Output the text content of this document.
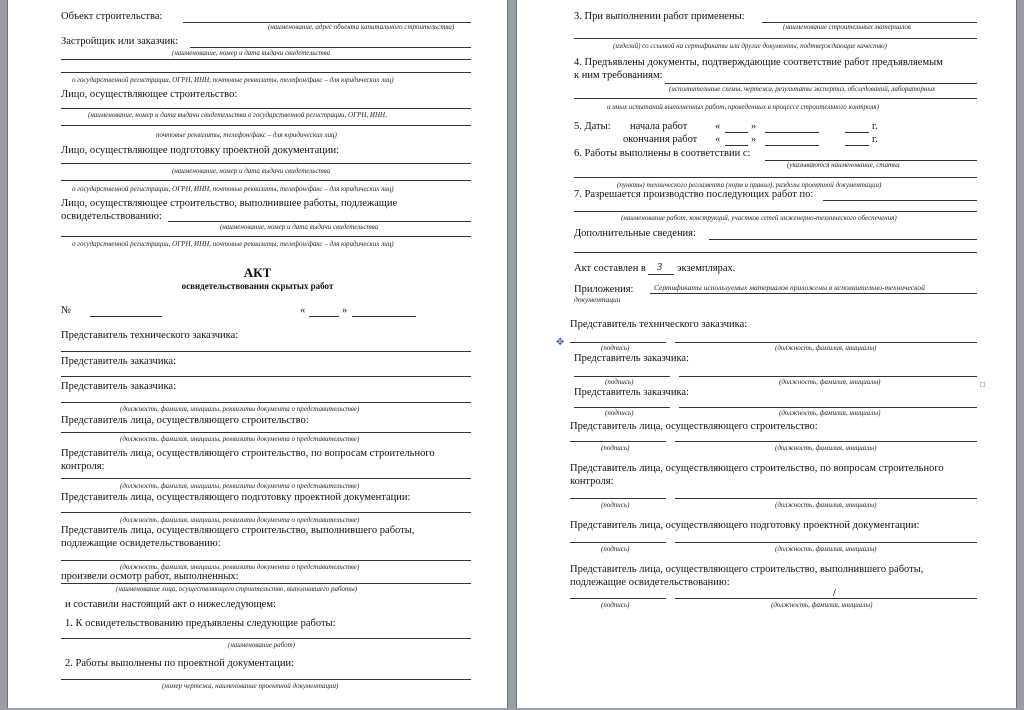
Объект строительства:
(наименование, адрес объекта капитального строительства)
Застройщик или заказчик:
(наименование, номер и дата выдачи свидетельства
о государственной регистрации, ОГРН, ИНН, почтовые реквизиты, телефон/факс – для юридических лиц)
Лицо, осуществляющее строительство:
(наименование, номер и дата выдачи свидетельства о государственной регистрации, ОГРН, ИНН,
почтовые реквизиты, телефон/факс – для юридических лиц)
Лицо, осуществляющее подготовку проектной документации:
(наименование, номер и дата выдачи свидетельства
о государственной регистрации, ОГРН, ИНН, почтовые реквизиты, телефон/факс – для юридических лиц)
Лицо, осуществляющее строительство, выполнившее работы, подлежащие
освидетельствованию:
(наименование, номер и дата выдачи свидетельства
о государственной регистрации, ОГРН, ИНН, почтовые реквизиты, телефон/факс – для юридических лиц)
АКТ
освидетельствования скрытых работ
№	«	»
Представитель технического заказчика:
Представитель заказчика:
Представитель заказчика:
(должность, фамилия, инициалы, реквизиты документа о представительстве)
Представитель лица, осуществляющего строительство:
(должность, фамилия, инициалы, реквизиты документа о представительстве)
Представитель лица, осуществляющего строительство, по вопросам строительного
контроля:
(должность, фамилия, инициалы, реквизиты документа о представительстве)
Представитель лица, осуществляющего подготовку проектной документации:
(должность, фамилия, инициалы, реквизиты документа о представительстве)
Представитель лица, осуществляющего строительство, выполнившего работы,
подлежащие освидетельствованию:
(должность, фамилия, инициалы, реквизиты документа о представительстве)
произвели осмотр работ, выполненных:
(наименование лица, осуществляющего строительство, выполнившего работы)
и составили настоящий акт о нижеследующем:
1. К освидетельствованию предъявлены следующие работы:
(наименование работ)
2. Работы выполнены по проектной документации:
(номер чертежа, наименование проектной документации)
3. При выполнении работ применены:
(наименование строительных материалов
(изделий) со ссылкой на сертификаты или другие документы, подтверждающие качество)
4. Предъявлены документы, подтверждающие соответствие работ предъявляемым
к ним требованиям:
(исполнительные схемы, чертежи, результаты экспертиз, обследований, лабораторных
и иных испытаний выполненных работ, проведенных в процессе строительного контроля)
5. Даты: начала работ	«	»	г.
окончания работ «	»	г.
6. Работы выполнены в соответствии с:
(указываются наименование, статьи
(пункты) технического регламента (норм и правил), разделы проектной документации)
7. Разрешается производство последующих работ по:
(наименование работ, конструкций, участков сетей инженерно-технического обеспечения)
Дополнительные сведения:
Акт составлен в 3 экземплярах.
Приложения:	Сертификаты используемых материалов приложены в исполнительно-технической
документации
Представитель технического заказчика:
(подпись)	(должность, фамилия, инициалы)
✥
Представитель заказчика:
(подпись)	(должность, фамилия, инициалы)	□
Представитель заказчика:
(подпись)	(должность, фамилия, инициалы)
Представитель лица, осуществляющего строительство:
(подпись)	(должность, фамилия, инициалы)
Представитель лица, осуществляющего строительство, по вопросам строительного
контроля:
(подпись)	(должность, фамилия, инициалы)
Представитель лица, осуществляющего подготовку проектной документации:
(подпись)	(должность, фамилия, инициалы)
Представитель лица, осуществляющего строительство, выполнившего работы,
подлежащие освидетельствованию:
/
(подпись)	(должность, фамилия, инициалы)
